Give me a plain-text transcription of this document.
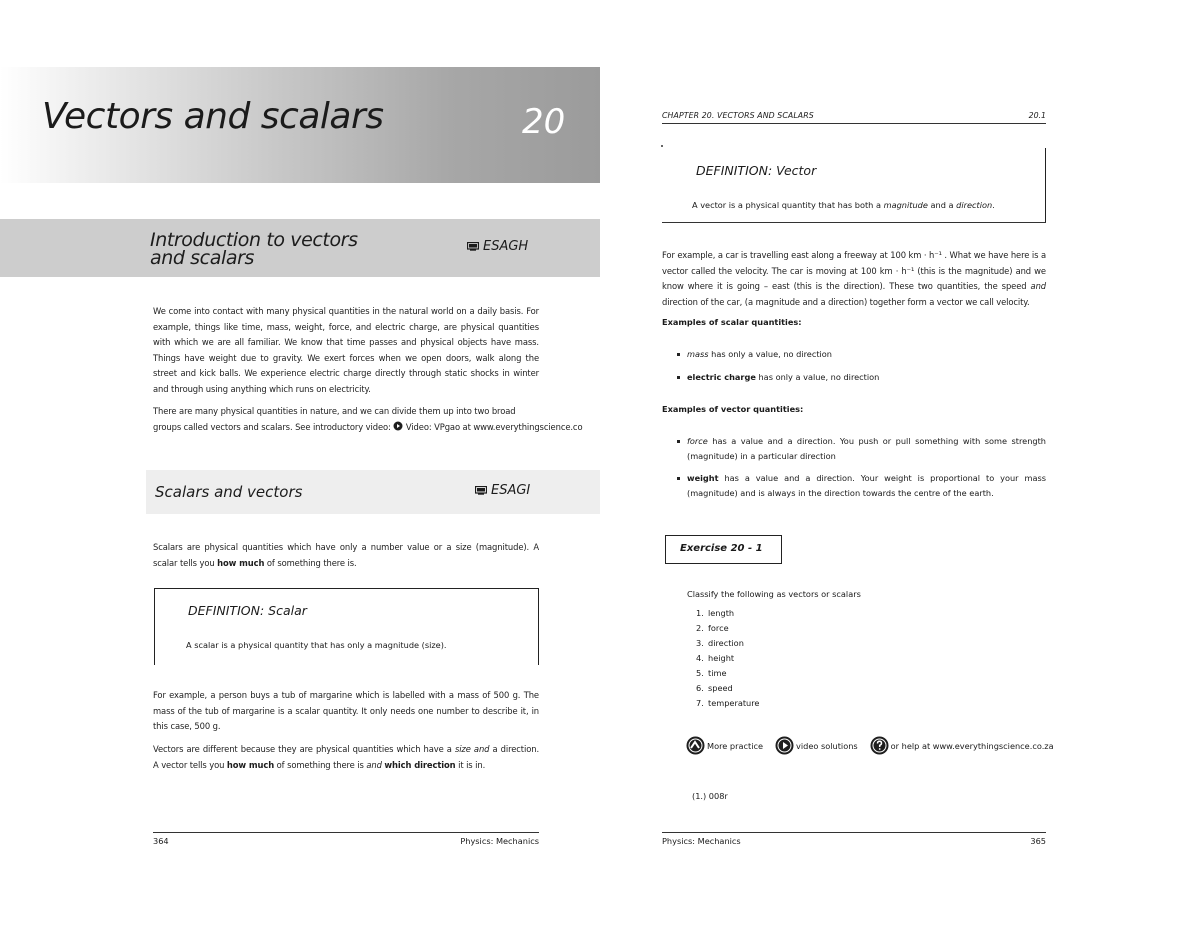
Vectors and scalars	20
Introduction to vectors
and scalars
ESAGH
We come into contact with many physical quantities in the natural world on a daily basis. For example, things like time, mass, weight, force, and electric charge, are physical quantities with which we are all familiar. We know that time passes and physical objects have mass. Things have weight due to gravity. We exert forces when we open doors, walk along the street and kick balls. We experience electric charge directly through static shocks in winter and through using anything which runs on electricity.
There are many physical quantities in nature, and we can divide them up into two broad
groups called vectors and scalars. See introductory video: Video: VPgao at www.everythingscience.co
Scalars and vectors	ESAGI
Scalars are physical quantities which have only a number value or a size (magnitude). A scalar tells you how much of something there is.
DEFINITION: Scalar
A scalar is a physical quantity that has only a magnitude (size).
For example, a person buys a tub of margarine which is labelled with a mass of 500 g. The mass of the tub of margarine is a scalar quantity. It only needs one number to describe it, in this case, 500 g.
Vectors are different because they are physical quantities which have a size and a direction. A vector tells you how much of something there is and which direction it is in.
364	Physics: Mechanics
CHAPTER 20. VECTORS AND SCALARS	20.1
DEFINITION: Vector
A vector is a physical quantity that has both a magnitude and a direction.
For example, a car is travelling east along a freeway at 100 km · h⁻¹ . What we have here is a vector called the velocity. The car is moving at 100 km · h⁻¹ (this is the magnitude) and we know where it is going – east (this is the direction). These two quantities, the speed and direction of the car, (a magnitude and a direction) together form a vector we call velocity.
Examples of scalar quantities:
mass has only a value, no direction
electric charge has only a value, no direction
Examples of vector quantities:
force has a value and a direction. You push or pull something with some strength (magnitude) in a particular direction
weight has a value and a direction. Your weight is proportional to your mass (magnitude) and is always in the direction towards the centre of the earth.
Exercise 20 - 1
Classify the following as vectors or scalars
1. length
2. force
3. direction
4. height
5. time
6. speed
7. temperature
More practice	video solutions	or help at www.everythingscience.co.za
(1.) 008r
Physics: Mechanics	365
